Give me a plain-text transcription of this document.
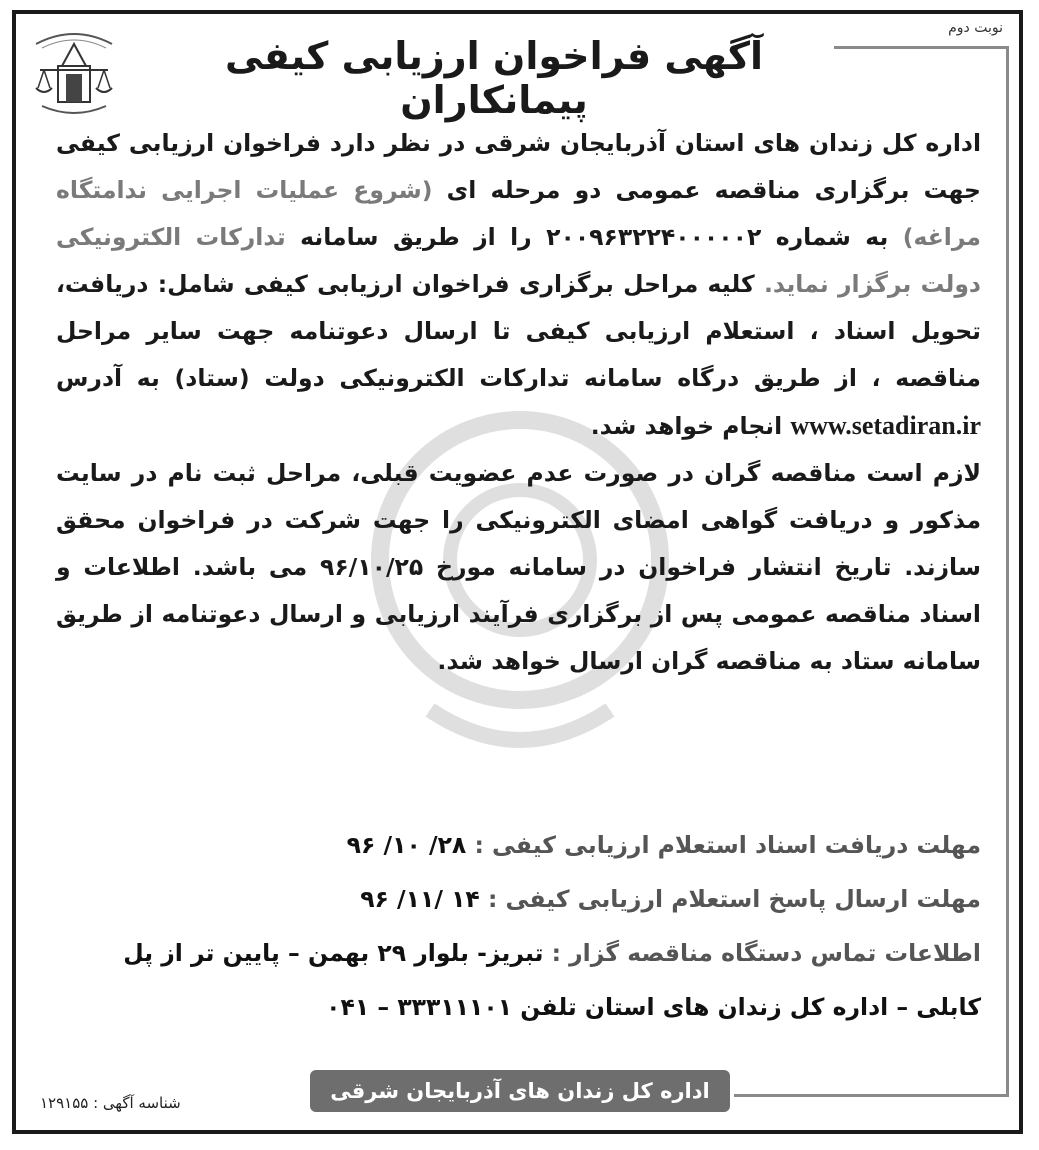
نوبت دوم
آگهی فراخوان ارزیابی کیفی پیمانکاران

اداره کل زندان های استان آذربایجان شرقی در نظر دارد فراخوان ارزیابی کیفی جهت برگزاری مناقصه عمومی دو مرحله ای (شروع عملیات اجرایی ندامتگاه مراغه) به شماره ۲۰۰۹۶۳۲۲۴۰۰۰۰۰۲ را از طریق سامانه تدارکات الکترونیکی دولت برگزار نماید. کلیه مراحل برگزاری فراخوان ارزیابی کیفی شامل: دریافت، تحویل اسناد ، استعلام ارزیابی کیفی تا ارسال دعوتنامه جهت سایر مراحل مناقصه ، از طریق درگاه سامانه تدارکات الکترونیکی دولت (ستاد) به آدرس www.setadiran.ir انجام خواهد شد.

لازم است مناقصه گران در صورت عدم عضویت قبلی، مراحل ثبت نام در سایت مذکور و دریافت گواهی امضای الکترونیکی را جهت شرکت در فراخوان محقق سازند. تاریخ انتشار فراخوان در سامانه مورخ ۹۶/۱۰/۲۵ می باشد. اطلاعات و اسناد مناقصه عمومی پس از برگزاری فرآیند ارزیابی و ارسال دعوتنامه از طریق سامانه ستاد به مناقصه گران ارسال خواهد شد.

مهلت دریافت اسناد استعلام ارزیابی کیفی : ۲۸/ ۱۰/ ۹۶

مهلت ارسال پاسخ استعلام ارزیابی کیفی : ۱۴ /۱۱/ ۹۶

اطلاعات تماس دستگاه مناقصه گزار : تبریز- بلوار ۲۹ بهمن – پایین تر از پل کابلی – اداره کل زندان های استان تلفن ۳۳۳۱۱۱۰۱ – ۰۴۱

اداره کل زندان های آذربایجان شرقی
شناسه آگهی : ۱۲۹۱۵۵
